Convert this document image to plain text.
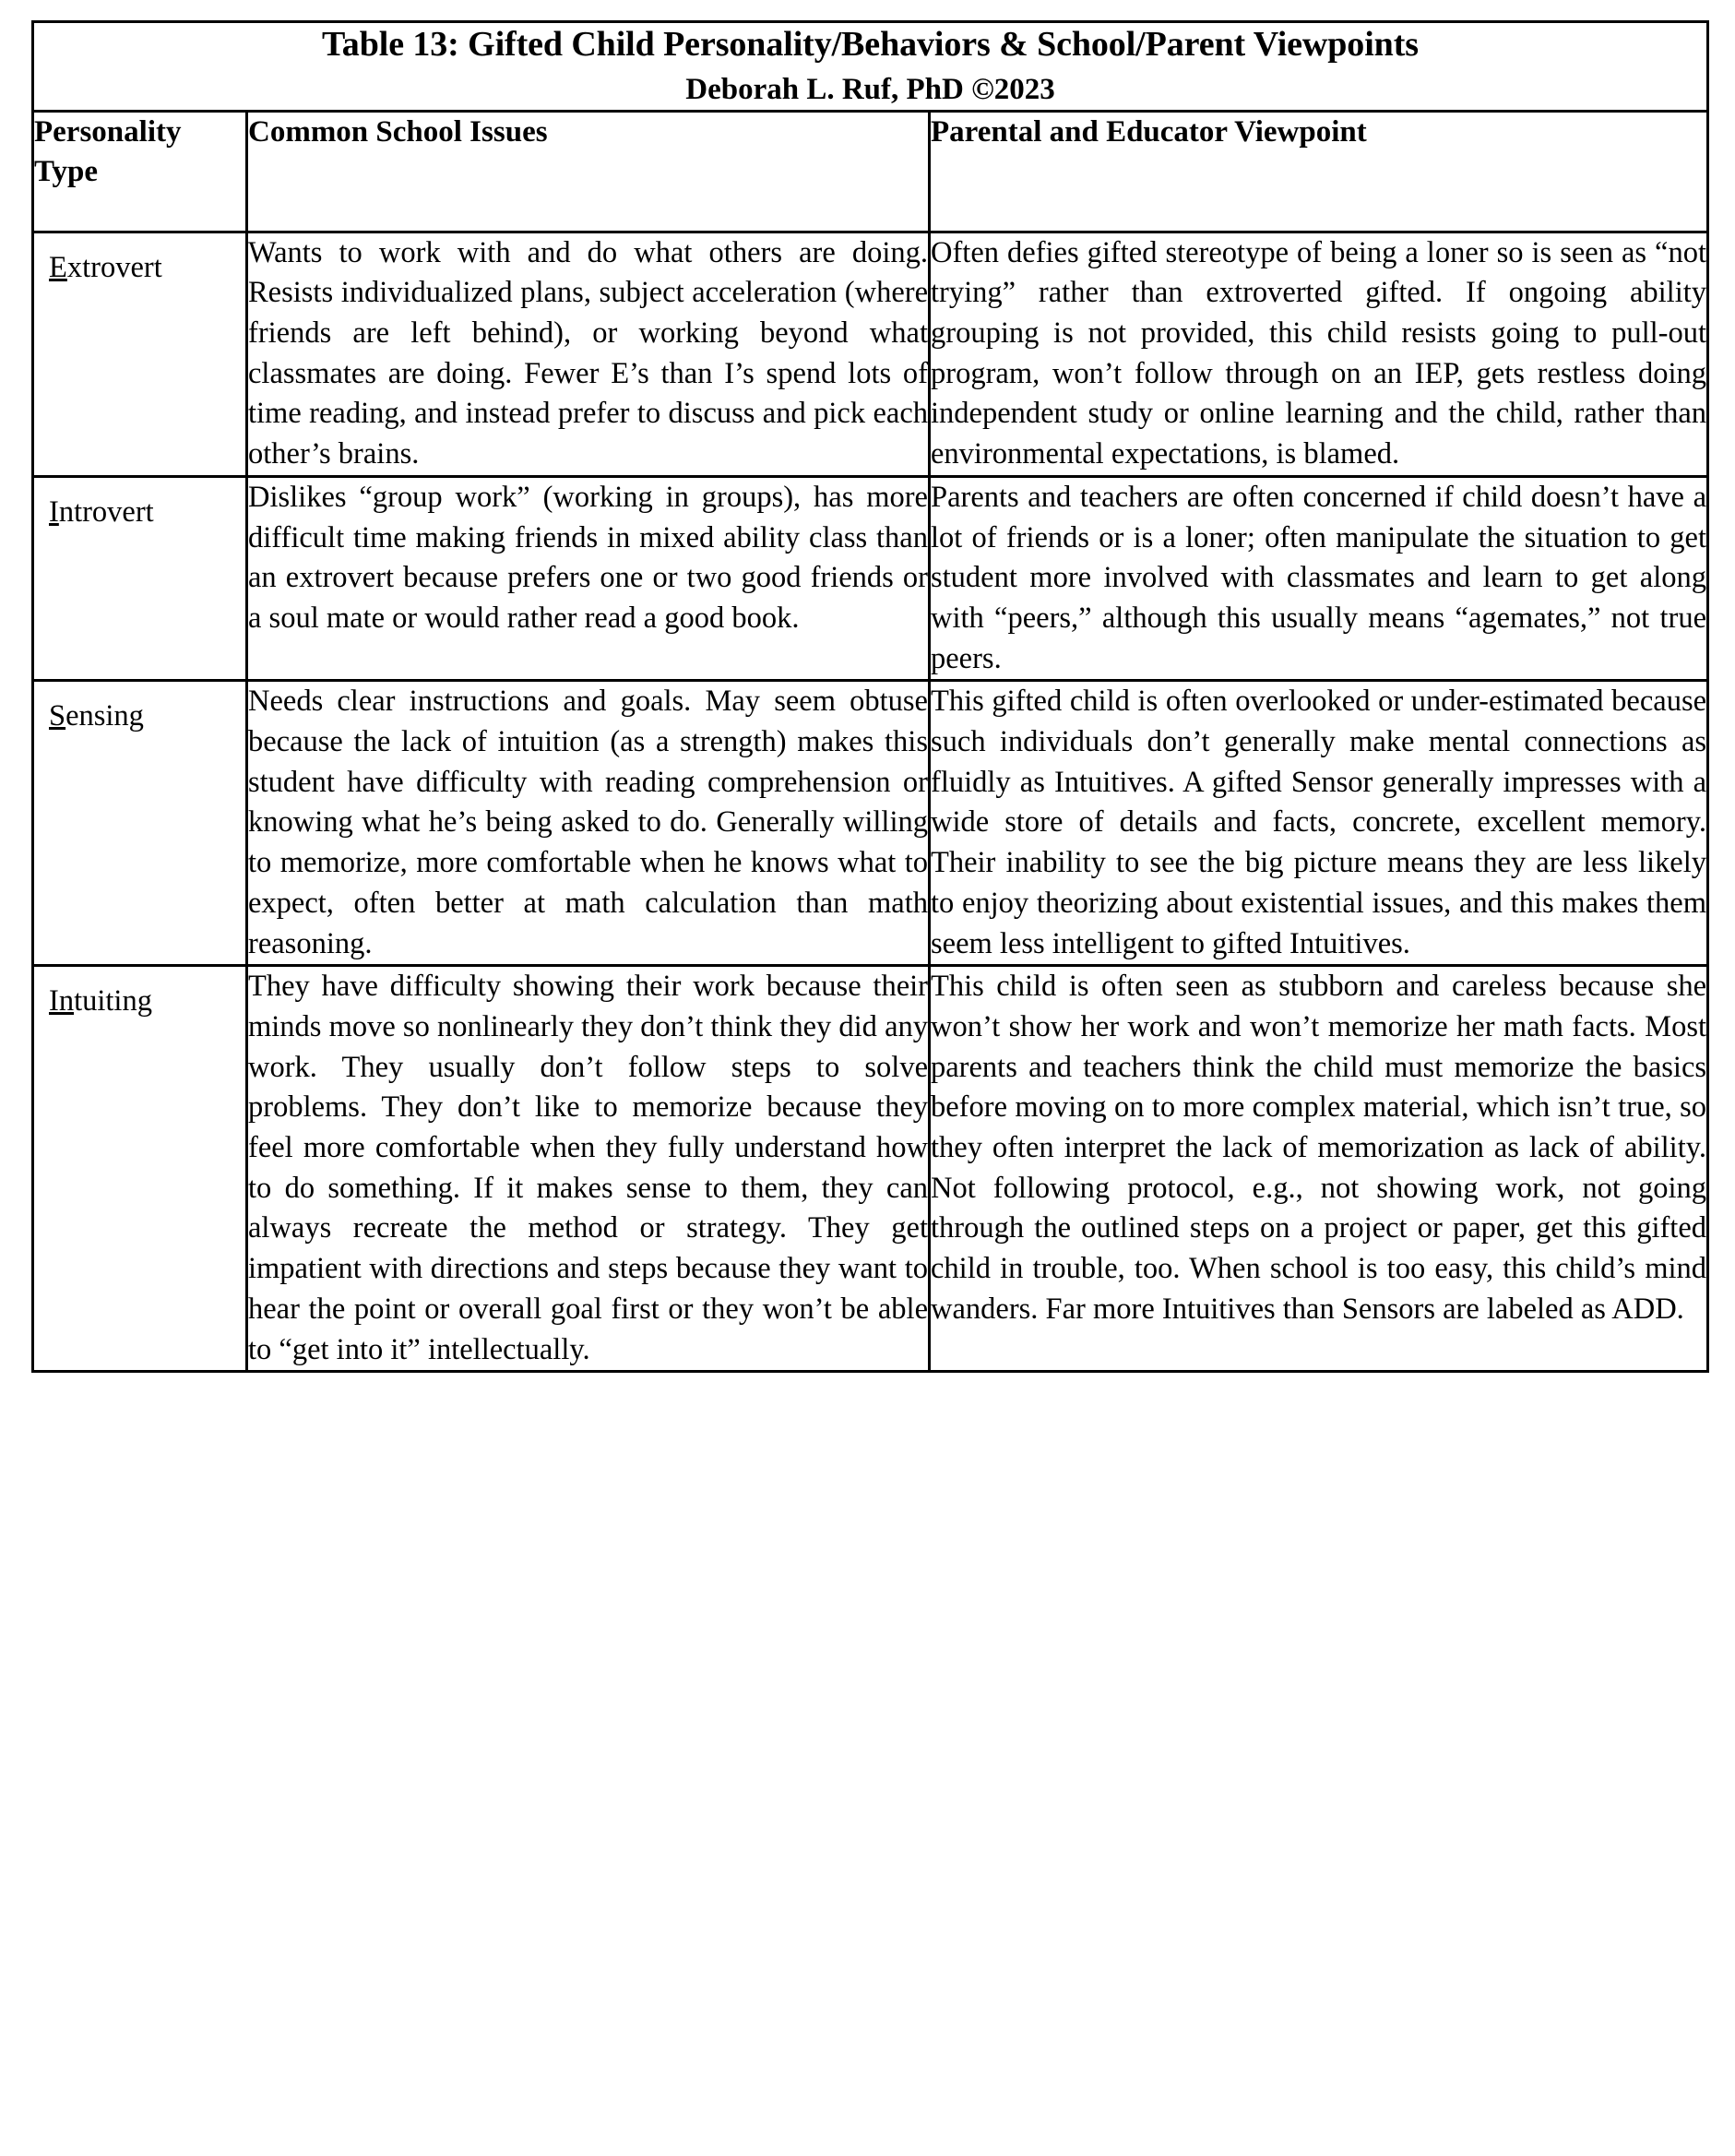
Table 13: Gifted Child Personality/Behaviors & School/Parent Viewpoints
Deborah L. Ruf, PhD ©2023		

Personality
Type	Common School Issues	Parental and Educator Viewpoint
Extrovert	Wants to work with and do what others are doing. Resists individualized plans, subject acceleration (where friends are left behind), or working beyond what classmates are doing. Fewer E’s than I’s spend lots of time reading, and instead prefer to discuss and pick each other’s brains.	Often defies gifted stereotype of being a loner so is seen as “not trying” rather than extroverted gifted. If ongoing ability grouping is not provided, this child resists going to pull-out program, won’t follow through on an IEP, gets restless doing independent study or online learning and the child, rather than environmental expectations, is blamed.
Introvert	Dislikes “group work” (working in groups), has more difficult time making friends in mixed ability class than an extrovert because prefers one or two good friends or a soul mate or would rather read a good book.	Parents and teachers are often concerned if child doesn’t have a lot of friends or is a loner; often manipulate the situation to get student more involved with classmates and learn to get along with “peers,” although this usually means “agemates,” not true peers.
Sensing	Needs clear instructions and goals. May seem obtuse because the lack of intuition (as a strength) makes this student have difficulty with reading comprehension or knowing what he’s being asked to do. Generally willing to memorize, more comfortable when he knows what to expect, often better at math calculation than math reasoning.	This gifted child is often overlooked or under-estimated because such individuals don’t generally make mental connections as fluidly as Intuitives. A gifted Sensor generally impresses with a wide store of details and facts, concrete, excellent memory. Their inability to see the big picture means they are less likely to enjoy theorizing about existential issues, and this makes them seem less intelligent to gifted Intuitives.
Intuiting	They have difficulty showing their work because their minds move so nonlinearly they don’t think they did any work. They usually don’t follow steps to solve problems. They don’t like to memorize because they feel more comfortable when they fully understand how to do something. If it makes sense to them, they can always recreate the method or strategy. They get impatient with directions and steps because they want to hear the point or overall goal first or they won’t be able to “get into it” intellectually.	This child is often seen as stubborn and careless because she won’t show her work and won’t memorize her math facts. Most parents and teachers think the child must memorize the basics before moving on to more complex material, which isn’t true, so they often interpret the lack of memorization as lack of ability. Not following protocol, e.g., not showing work, not going through the outlined steps on a project or paper, get this gifted child in trouble, too. When school is too easy, this child’s mind wanders. Far more Intuitives than Sensors are labeled as ADD.
